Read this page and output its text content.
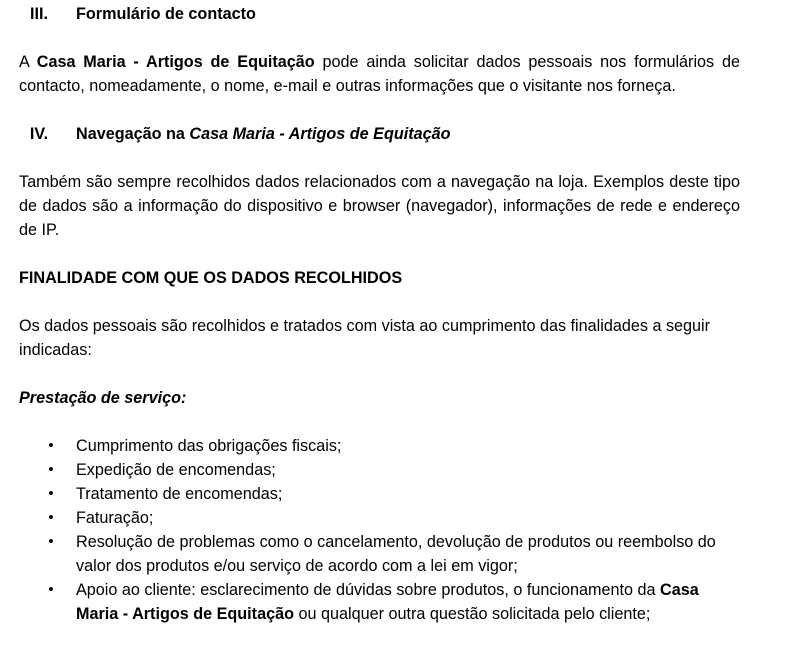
III.	Formulário de contacto
A Casa Maria - Artigos de Equitação pode ainda solicitar dados pessoais nos formulários de contacto, nomeadamente, o nome, e-mail e outras informações que o visitante nos forneça.
IV.	Navegação na Casa Maria - Artigos de Equitação
Também são sempre recolhidos dados relacionados com a navegação na loja. Exemplos deste tipo de dados são a informação do dispositivo e browser (navegador), informações de rede e endereço de IP.
FINALIDADE COM QUE OS DADOS RECOLHIDOS
Os dados pessoais são recolhidos e tratados com vista ao cumprimento das finalidades a seguir indicadas:
Prestação de serviço:
• Cumprimento das obrigações fiscais;
• Expedição de encomendas;
• Tratamento de encomendas;
• Faturação;
• Resolução de problemas como o cancelamento, devolução de produtos ou reembolso do valor dos produtos e/ou serviço de acordo com a lei em vigor;
• Apoio ao cliente: esclarecimento de dúvidas sobre produtos, o funcionamento da Casa Maria - Artigos de Equitação ou qualquer outra questão solicitada pelo cliente;
